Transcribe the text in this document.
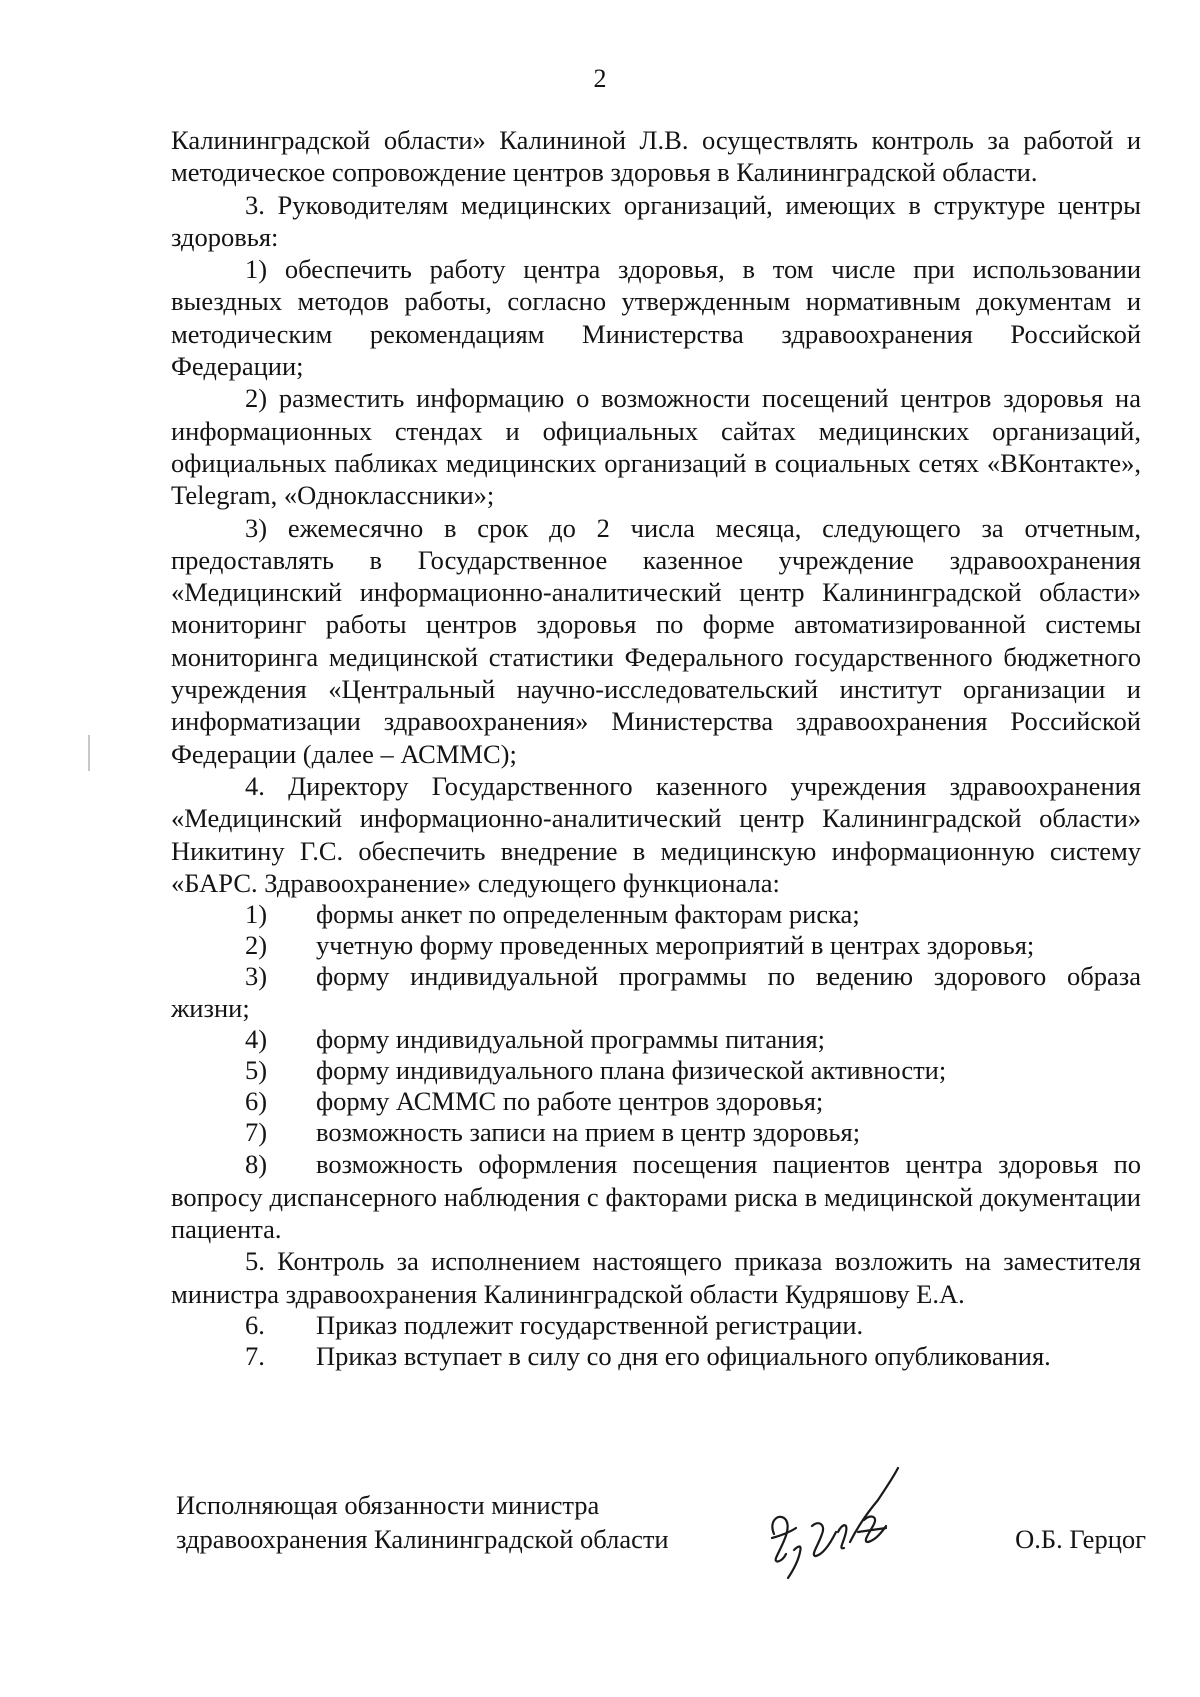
2

Калининградской области» Калининой Л.В. осуществлять контроль за работой и методическое сопровождение центров здоровья в Калининградской области.

3. Руководителям медицинских организаций, имеющих в структуре центры здоровья:

1) обеспечить работу центра здоровья, в том числе при использовании выездных методов работы, согласно утвержденным нормативным документам и методическим рекомендациям Министерства здравоохранения Российской Федерации;

2) разместить информацию о возможности посещений центров здоровья на информационных стендах и официальных сайтах медицинских организаций, официальных пабликах медицинских организаций в социальных сетях «ВКонтакте», Telegram, «Одноклассники»;

3) ежемесячно в срок до 2 числа месяца, следующего за отчетным, предоставлять в Государственное казенное учреждение здравоохранения «Медицинский информационно-аналитический центр Калининградской области» мониторинг работы центров здоровья по форме автоматизированной системы мониторинга медицинской статистики Федерального государственного бюджетного учреждения «Центральный научно-исследовательский институт организации и информатизации здравоохранения» Министерства здравоохранения Российской Федерации (далее – АСММС);

4. Директору Государственного казенного учреждения здравоохранения «Медицинский информационно-аналитический центр Калининградской области» Никитину Г.С. обеспечить внедрение в медицинскую информационную систему «БАРС. Здравоохранение» следующего функционала:

1)	формы анкет по определенным факторам риска;
2)	учетную форму проведенных мероприятий в центрах здоровья;
3)	форму индивидуальной программы по ведению здорового образа

жизни;

4)	форму индивидуальной программы питания;
5)	форму индивидуального плана физической активности;
6)	форму АСММС по работе центров здоровья;
7)	возможность записи на прием в центр здоровья;

8) возможность оформления посещения пациентов центра здоровья по вопросу диспансерного наблюдения с факторами риска в медицинской документации пациента.

5. Контроль за исполнением настоящего приказа возложить на заместителя министра здравоохранения Калининградской области Кудряшову Е.А.

6.	Приказ подлежит государственной регистрации.
7.	Приказ вступает в силу со дня его официального опубликования.
Исполняющая обязанности министра
здравоохранения Калининградской области	О.Б. Герцог
